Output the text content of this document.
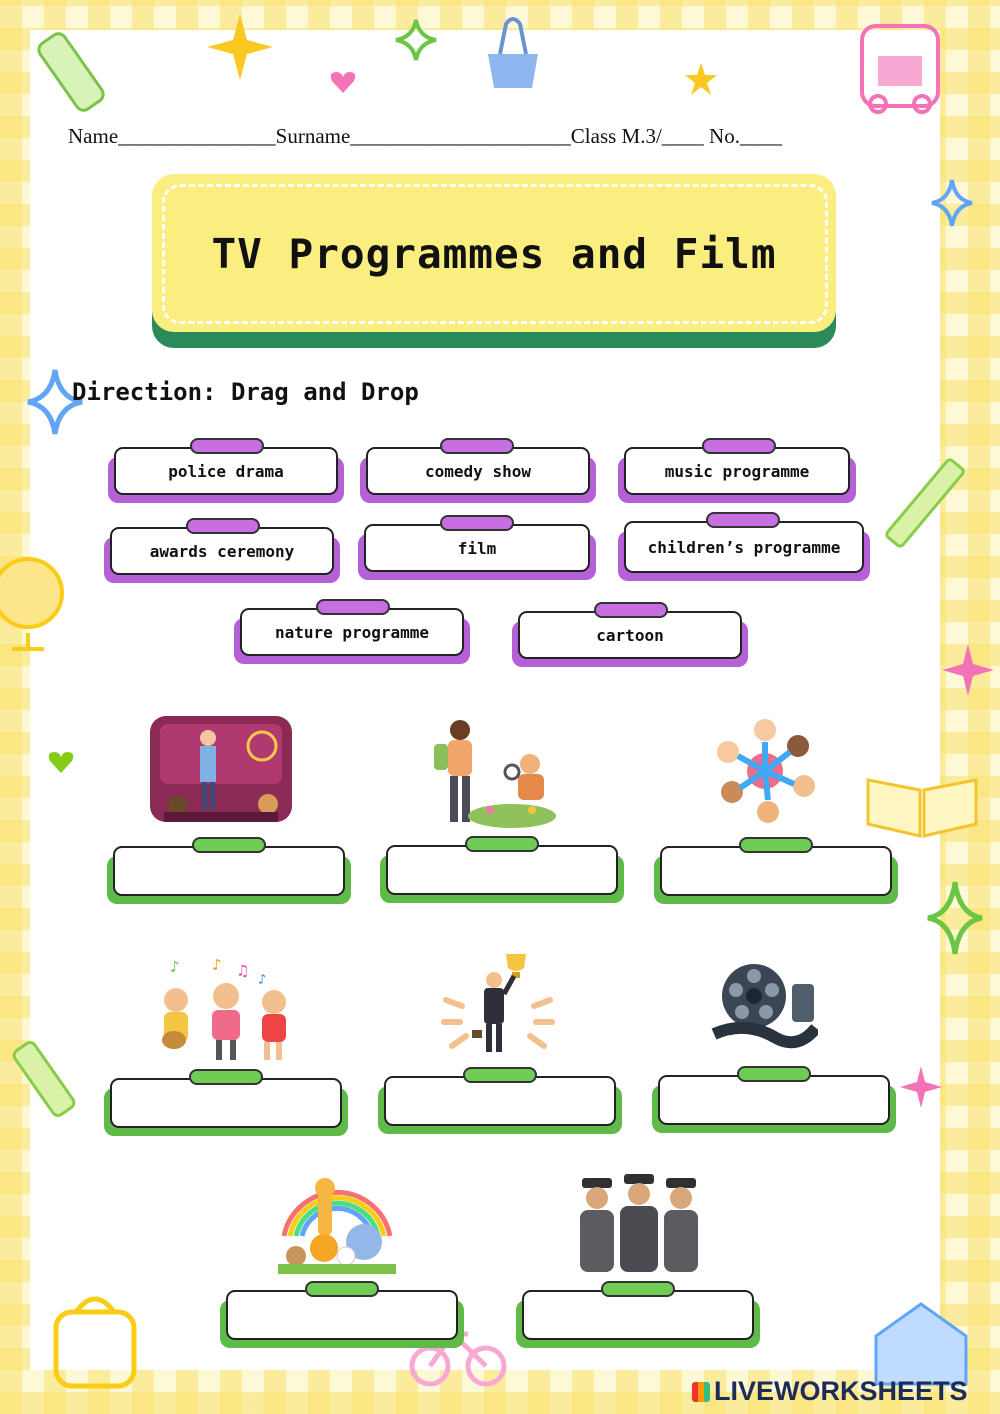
Name_______________Surname_____________________Class M.3/____ No.____
TV Programmes and Film
Direction: Drag and Drop
police drama	comedy show	music programme
awards ceremony	film	children’s programme
nature programme	cartoon
♪ ♪ ♫ ♪
LIVEWORKSHEETS
